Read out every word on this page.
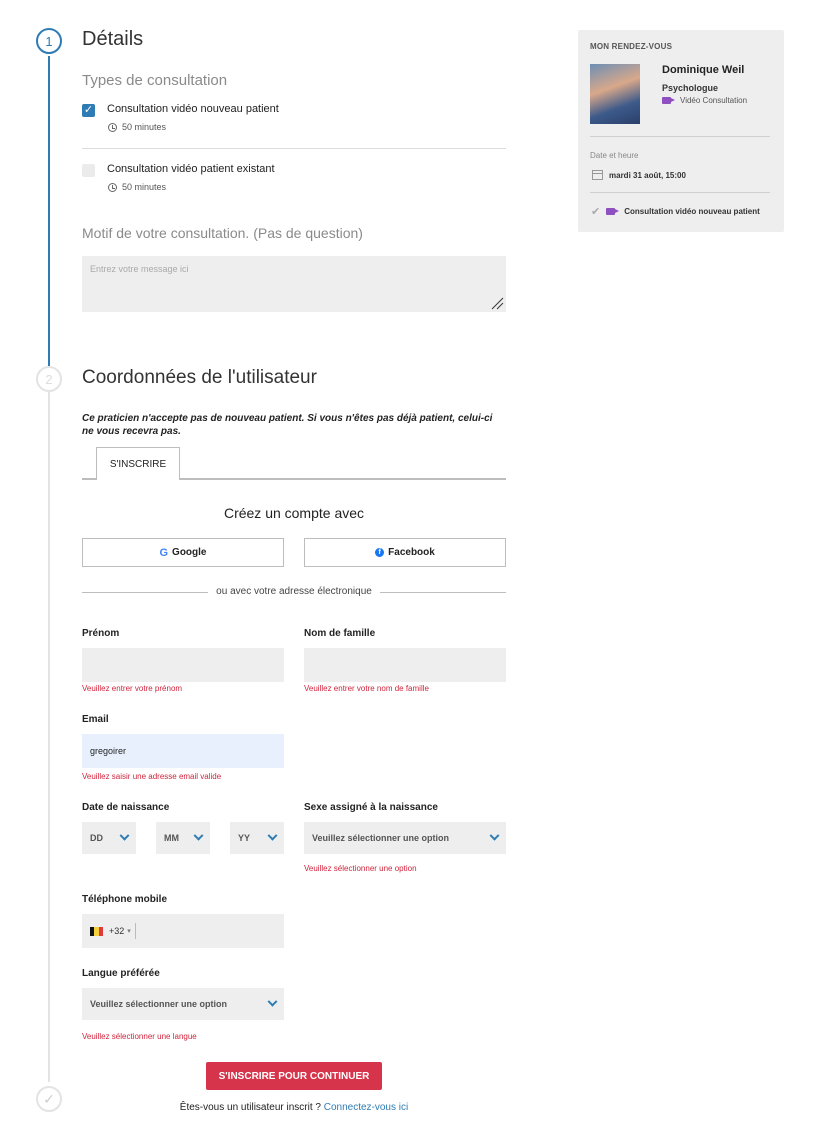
1
2
✓
Détails
Types de consultation
✓ Consultation vidéo nouveau patient
50 minutes
Consultation vidéo patient existant
50 minutes
Motif de votre consultation. (Pas de question)
Entrez votre message ici
Coordonnées de l'utilisateur
Ce praticien n'accepte pas de nouveau patient. Si vous n'êtes pas déjà patient, celui-ci ne vous recevra pas.
S'INSCRIRE
Créez un compte avec
G Google	f Facebook
ou avec votre adresse électronique
Prénom
Veuillez entrer votre prénom
Nom de famille
Veuillez entrer votre nom de famille
Email
gregoirer
Veuillez saisir une adresse email valide
Date de naissance
DD	MM	YY
Sexe assigné à la naissance
Veuillez sélectionner une option
Veuillez sélectionner une option
Téléphone mobile
+32 ▾
Langue préférée
Veuillez sélectionner une option
Veuillez sélectionner une langue
S'INSCRIRE POUR CONTINUER
Êtes-vous un utilisateur inscrit ? Connectez-vous ici
MON RENDEZ-VOUS
Dominique Weil
Psychologue
Vidéo Consultation
Date et heure
mardi 31 août, 15:00
✔	Consultation vidéo nouveau patient
